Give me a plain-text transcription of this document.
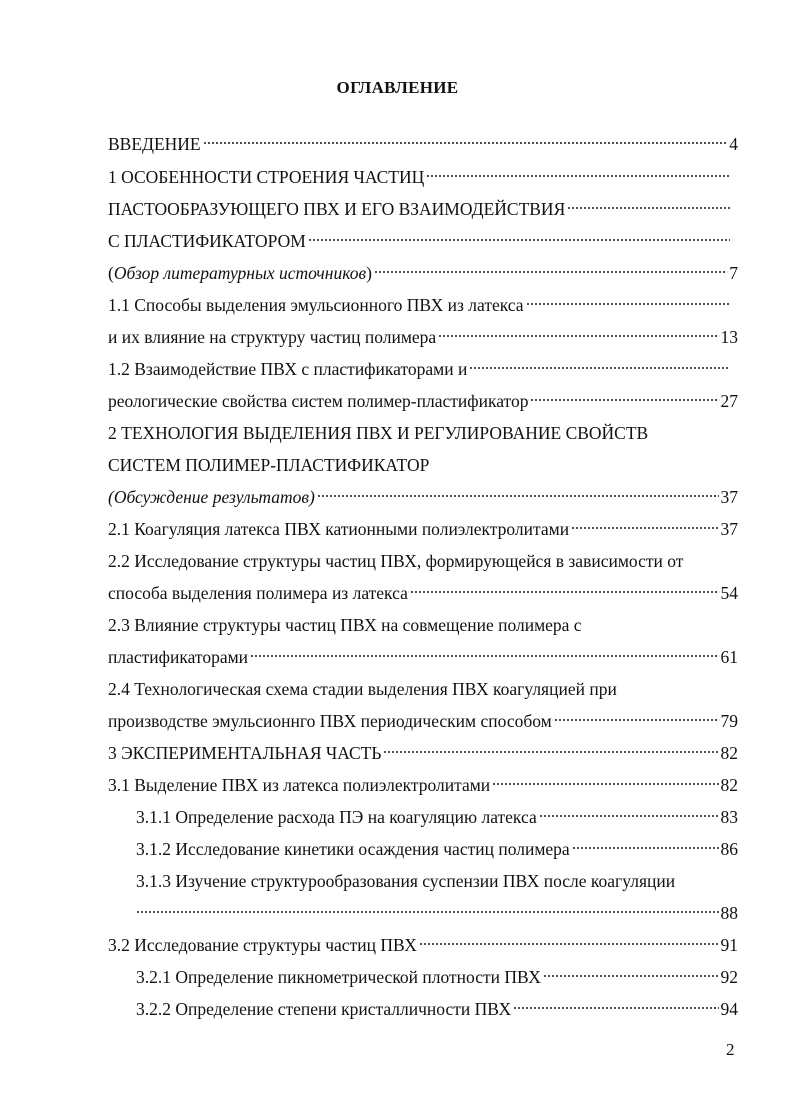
ОГЛАВЛЕНИЕ
ВВЕДЕНИЕ	4
1 ОСОБЕННОСТИ СТРОЕНИЯ ЧАСТИЦ
ПАСТООБРАЗУЮЩЕГО ПВХ И ЕГО ВЗАИМОДЕЙСТВИЯ
С ПЛАСТИФИКАТОРОМ
(Обзор литературных источников)	7
1.1 Способы выделения эмульсионного ПВХ из латекса
и их влияние на структуру частиц полимера	13
1.2 Взаимодействие ПВХ с пластификаторами и
реологические свойства систем полимер-пластификатор	27
2 ТЕХНОЛОГИЯ ВЫДЕЛЕНИЯ ПВХ И РЕГУЛИРОВАНИЕ СВОЙСТВ
СИСТЕМ ПОЛИМЕР-ПЛАСТИФИКАТОР
(Обсуждение результатов)	37
2.1 Коагуляция латекса ПВХ катионными полиэлектролитами	37
2.2 Исследование структуры частиц ПВХ, формирующейся в зависимости от
способа выделения полимера из латекса	54
2.3 Влияние структуры частиц ПВХ на совмещение полимера с
пластификаторами	61
2.4 Технологическая схема стадии выделения ПВХ коагуляцией при
производстве эмульсионнго ПВХ периодическим способом	79
3 ЭКСПЕРИМЕНТАЛЬНАЯ ЧАСТЬ	82
3.1 Выделение ПВХ из латекса полиэлектролитами	82
3.1.1 Определение расхода ПЭ на коагуляцию латекса	83
3.1.2 Исследование кинетики осаждения частиц полимера	86
3.1.3 Изучение структурообразования суспензии ПВХ после коагуляции
88
3.2 Исследование структуры частиц ПВХ	91
3.2.1 Определение пикнометрической плотности ПВХ	92
3.2.2 Определение степени кристалличности ПВХ	94
2
